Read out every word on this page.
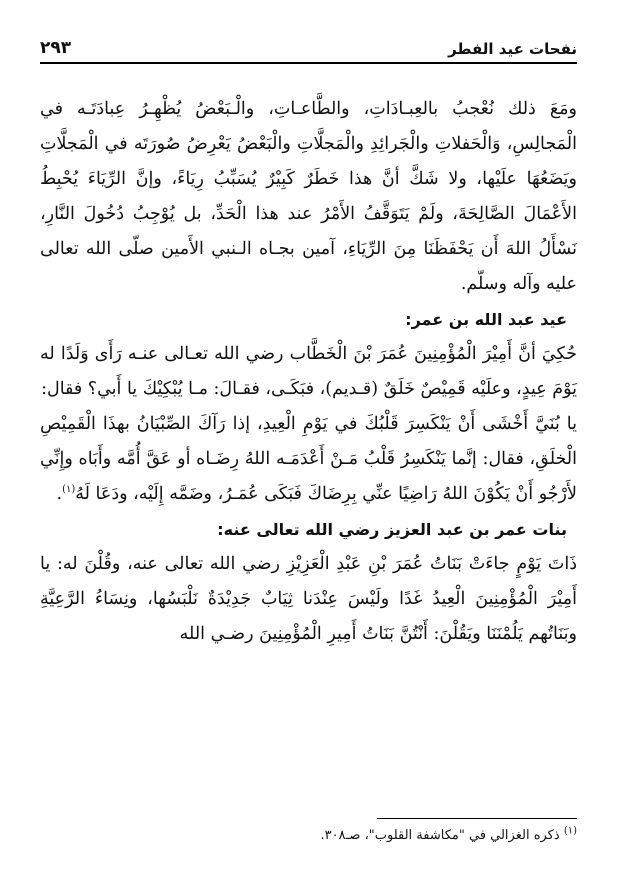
٢٩٣	نفحات عيد الفطر

ومَعَ ذلك نُعْجبُ بالعِبـادَاتِ، والطَّاعـاتِ، والْـبَعْضُ يُظْهِـرُ عِبادَتَـه في الْمَجالِسِ، وَالْحَفلاتِ والْجَرائِدِ والْمَجلَّاتِ والْبَعْضُ يَعْرِضُ صُورَتَه في الْمَجلَّاتِ ويَضَعُهَا علَيْها، ولا شَكَّ أنَّ هذا خَطَرٌ كَبِيْرٌ يُسَبِّبُ رِيَاءً، وإنَّ الرِّيَاءَ يُحْبِطُ الأَعْمَالَ الصَّالِحَةَ، ولَمْ يَتَوَقَّفُ الأَمْرُ عند هذا الْحَدِّ، بل يُوْجِبُ دُخُولَ النَّارِ، نَسْأَلُ اللهَ أَن يَحْفَظَنَا مِنَ الرِّيَاءِ، آمين بجـاه الـنبي الأَمين صلّى الله تعالى عليه وآله وسلّم.

عيد عبد الله بن عمر:

حُكِيَ أنَّ أَمِيْرَ الْمُؤْمِنِينَ عُمَرَ بْنَ الْخَطَّاب رضي الله تعـالى عنـه رَأَى وَلَدًا له يَوْمَ عِيدٍ، وعلَيْه قَمِيْصٌ خَلَقٌ (قـديم)، فبَكَـى، فقـالَ: مـا يُبْكِيْكَ يا أَبي؟ فقال:

يا بُنَيَّ أَخْشَى أَنْ يَنْكَسِرَ قَلْبُكَ في يَوْمِ الْعِيدِ، إذا رَآكَ الصِّبْيَانُ بهذَا الْقَمِيْصِ الْخلَقِ، فقال: إنَّما يَنْكَسِرُ قَلْبُ مَـنْ أَعْدَمَـه اللهُ رِضَـاه أو عَقَّ أُمَّه وأَبَاه وإِنِّي لأَرْجُو أَنْ يَكُوْنَ اللهُ رَاضِيًا عنِّي بِرِضَاكَ فَبَكَى عُمَـرُ، وضَمَّه إِلَيْه، ودَعَا لَهُ$^{(١)}$.

بنات عمر بن عبد العزيز رضي الله تعالى عنه:

ذَاتَ يَوْمٍ جاءَتْ بَنَاتُ عُمَرَ بْنِ عَبْدِ الْعَزِيْزِ رضي الله تعالى عنه، وقُلْنَ له: يا أَمِيْرَ الْمُؤْمِنِينَ الْعِيدُ غَدًا ولَيْسَ عِنْدَنا ثِيَابٌ جَدِيْدَةٌ نَلْبَسُها، ونِسَاءُ الرَّعِيَّةِ وبَنَاتُهم يَلُمْنَنَا ويَقُلْنَ: أَنْتُنَّ بَنَاتُ أَمِيرِ الْمُؤْمِنِينَ رضـي الله

$^{(١)}$ ذكره الغزالي في "مكاشفة القلوب"، صـ٣٠٨.
